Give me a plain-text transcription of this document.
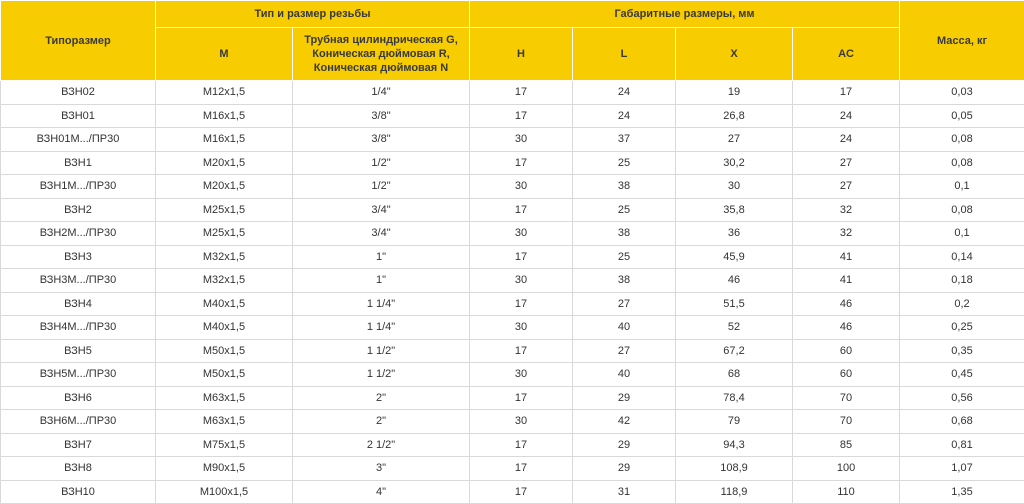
Типоразмер	Тип и размер резьбы		Габаритные размеры, мм				Масса, кг
	M	Трубная цилиндрическая G, Коническая дюймовая R, Коническая дюймовая N	H	L	X	AC	
ВЗН02	M12x1,5	1/4"	17	24	19	17	0,03
ВЗН01	M16x1,5	3/8"	17	24	26,8	24	0,05
ВЗН01М.../ПР30	M16x1,5	3/8"	30	37	27	24	0,08
ВЗН1	M20x1,5	1/2"	17	25	30,2	27	0,08
ВЗН1М.../ПР30	M20x1,5	1/2"	30	38	30	27	0,1
ВЗН2	M25x1,5	3/4"	17	25	35,8	32	0,08
ВЗН2М.../ПР30	M25x1,5	3/4"	30	38	36	32	0,1
ВЗН3	M32x1,5	1"	17	25	45,9	41	0,14
ВЗН3М.../ПР30	M32x1,5	1"	30	38	46	41	0,18
ВЗН4	M40x1,5	1 1/4"	17	27	51,5	46	0,2
ВЗН4М.../ПР30	M40x1,5	1 1/4"	30	40	52	46	0,25
ВЗН5	M50x1,5	1 1/2"	17	27	67,2	60	0,35
ВЗН5М.../ПР30	M50x1,5	1 1/2"	30	40	68	60	0,45
ВЗН6	M63x1,5	2"	17	29	78,4	70	0,56
ВЗН6М.../ПР30	M63x1,5	2"	30	42	79	70	0,68
ВЗН7	M75x1,5	2 1/2"	17	29	94,3	85	0,81
ВЗН8	M90x1,5	3"	17	29	108,9	100	1,07
ВЗН10	M100x1,5	4"	17	31	118,9	110	1,35
